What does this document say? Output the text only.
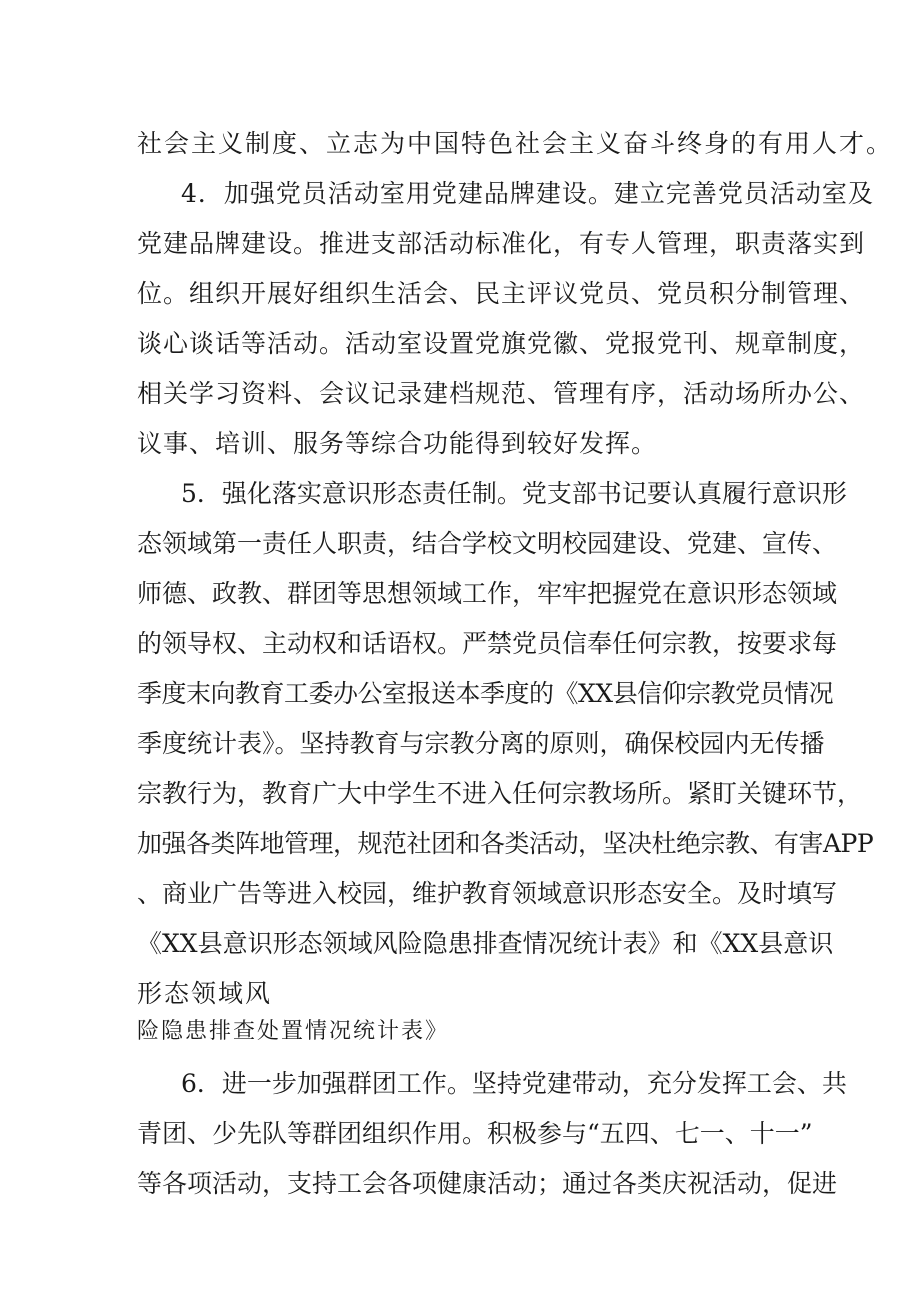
社会主义制度、立志为中国特色社会主义奋斗终身的有用人才。
4．加强党员活动室用党建品牌建设。建立完善党员活动室及
党建品牌建设。推进支部活动标准化，有专人管理，职责落实到
位。组织开展好组织生活会、民主评议党员、党员积分制管理、
谈心谈话等活动。活动室设置党旗党徽、党报党刊、规章制度，
相关学习资料、会议记录建档规范、管理有序，活动场所办公、
议事、培训、服务等综合功能得到较好发挥。
5．强化落实意识形态责任制。党支部书记要认真履行意识形
态领域第一责任人职责，结合学校文明校园建设、党建、宣传、
师德、政教、群团等思想领域工作，牢牢把握党在意识形态领域
的领导权、主动权和话语权。严禁党员信奉任何宗教，按要求每
季度末向教育工委办公室报送本季度的《XX县信仰宗教党员情况
季度统计表》。坚持教育与宗教分离的原则，确保校园内无传播
宗教行为，教育广大中学生不进入任何宗教场所。紧盯关键环节，
加强各类阵地管理，规范社团和各类活动，坚决杜绝宗教、有害APP
、商业广告等进入校园，维护教育领域意识形态安全。及时填写
《XX县意识形态领域风险隐患排查情况统计表》和《XX县意识
形态领域风
险隐患排查处置情况统计表》
6．进一步加强群团工作。坚持党建带动，充分发挥工会、共
青团、少先队等群团组织作用。积极参与“五四、七一、十一”
等各项活动，支持工会各项健康活动；通过各类庆祝活动，促进
